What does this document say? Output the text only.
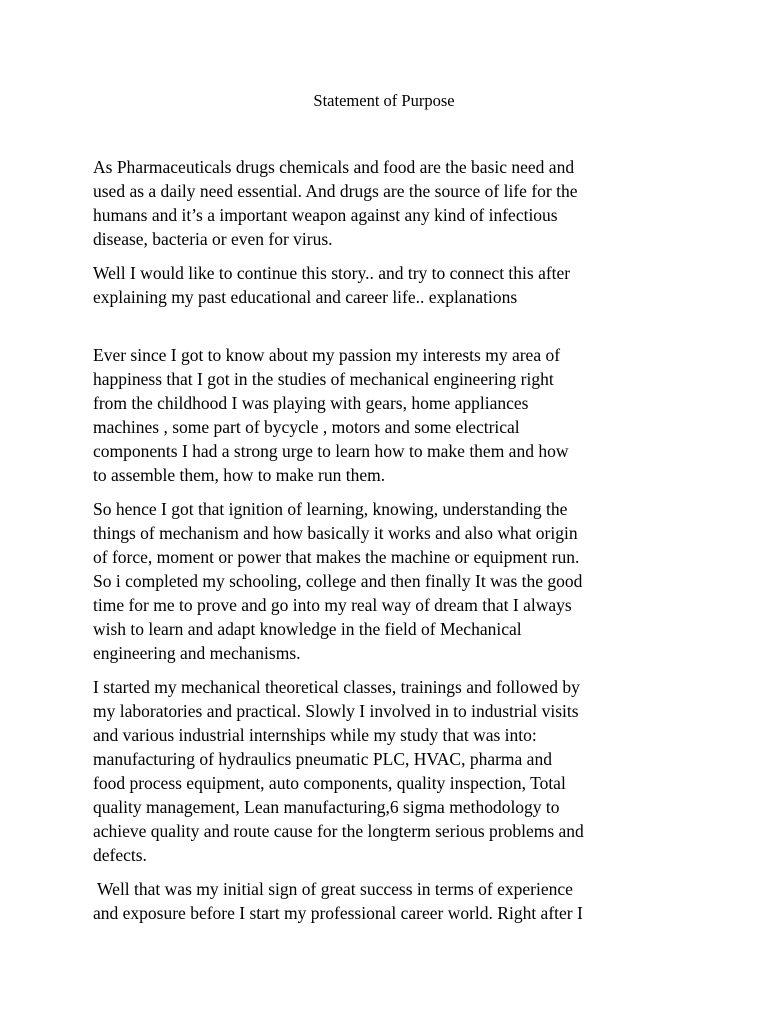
Statement of Purpose
As Pharmaceuticals drugs chemicals and food are the basic need and
used as a daily need essential. And drugs are the source of life for the
humans and it’s a important weapon against any kind of infectious
disease, bacteria or even for virus.
Well I would like to continue this story.. and try to connect this after
explaining my past educational and career life.. explanations
Ever since I got to know about my passion my interests my area of
happiness that I got in the studies of mechanical engineering right
from the childhood I was playing with gears, home appliances
machines , some part of bycycle , motors and some electrical
components I had a strong urge to learn how to make them and how
to assemble them, how to make run them.
So hence I got that ignition of learning, knowing, understanding the
things of mechanism and how basically it works and also what origin
of force, moment or power that makes the machine or equipment run.
So i completed my schooling, college and then finally It was the good
time for me to prove and go into my real way of dream that I always
wish to learn and adapt knowledge in the field of Mechanical
engineering and mechanisms.
I started my mechanical theoretical classes, trainings and followed by
my laboratories and practical. Slowly I involved in to industrial visits
and various industrial internships while my study that was into:
manufacturing of hydraulics pneumatic PLC, HVAC, pharma and
food process equipment, auto components, quality inspection, Total
quality management, Lean manufacturing,6 sigma methodology to
achieve quality and route cause for the longterm serious problems and
defects.
Well that was my initial sign of great success in terms of experience
and exposure before I start my professional career world. Right after I
